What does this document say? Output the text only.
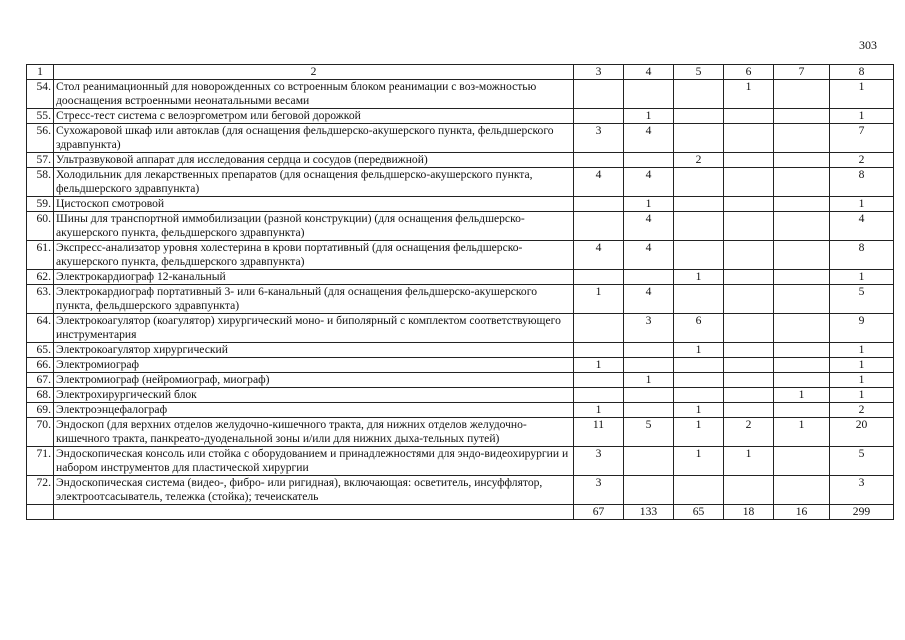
303
1	2	3	4	5	6	7	8
54.	Стол реанимационный для новорожденных со встроенным блоком реанимации с воз-можностью дооснащения встроенными неонатальными весами				1		1
55.	Стресс-тест система с велоэргометром или беговой дорожкой		1				1
56.	Сухожаровой шкаф или автоклав (для оснащения фельдшерско-акушерского пункта, фельдшерского здравпункта)	3	4				7
57.	Ультразвуковой аппарат для исследования сердца и сосудов (передвижной)			2			2
58.	Холодильник для лекарственных препаратов (для оснащения фельдшерско-акушерского пункта, фельдшерского здравпункта)	4	4				8
59.	Цистоскоп смотровой		1				1
60.	Шины для транспортной иммобилизации (разной конструкции) (для оснащения фельдшерско-акушерского пункта, фельдшерского здравпункта)		4				4
61.	Экспресс-анализатор уровня холестерина в крови портативный (для оснащения фельдшерско-акушерского пункта, фельдшерского здравпункта)	4	4				8
62.	Электрокардиограф 12-канальный			1			1
63.	Электрокардиограф портативный 3- или 6-канальный (для оснащения фельдшерско-акушерского пункта, фельдшерского здравпункта)	1	4				5
64.	Электрокоагулятор (коагулятор) хирургический моно- и биполярный с комплектом соответствующего инструментария		3	6			9
65.	Электрокоагулятор хирургический			1			1
66.	Электромиограф	1					1
67.	Электромиограф (нейромиограф, миограф)		1				1
68.	Электрохирургический блок					1	1
69.	Электроэнцефалограф	1		1			2
70.	Эндоскоп (для верхних отделов желудочно-кишечного тракта, для нижних отделов желудочно-кишечного тракта, панкреато-дуоденальной зоны и/или для нижних дыха-тельных путей)	11	5	1	2	1	20
71.	Эндоскопическая консоль или стойка с оборудованием и принадлежностями для эндо-видеохирургии и набором инструментов для пластической хирургии	3		1	1		5
72.	Эндоскопическая система (видео-, фибро- или ригидная), включающая: осветитель, инсуффлятор, электроотсасыватель, тележка (стойка); течеискатель	3					3
		67	133	65	18	16	299
